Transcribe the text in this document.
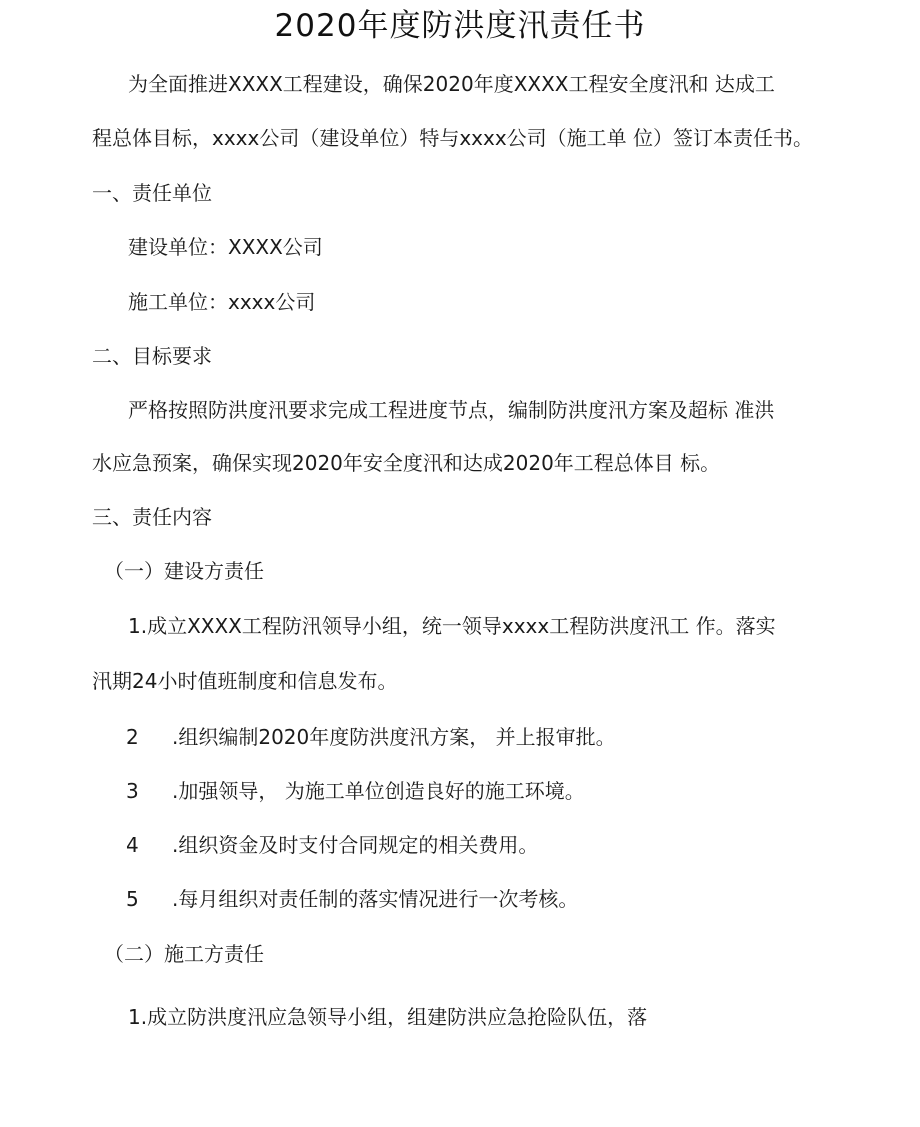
2020年度防洪度汛责任书
为全面推进XXXX工程建设，确保2020年度XXXX工程安全度汛和 达成工
程总体目标，xxxx公司（建设单位）特与xxxx公司（施工单 位）签订本责任书。
一、责任单位
建设单位：XXXX公司
施工单位：xxxx公司
二、目标要求
严格按照防洪度汛要求完成工程进度节点，编制防洪度汛方案及超标 准洪
水应急预案，确保实现2020年安全度汛和达成2020年工程总体目 标。
三、责任内容
（一）建设方责任
1.成立XXXX工程防汛领导小组，统一领导xxxx工程防洪度汛工 作。落实
汛期24小时值班制度和信息发布。
2 .组织编制2020年度防洪度汛方案， 并上报审批。
3 .加强领导， 为施工单位创造良好的施工环境。
4 .组织资金及时支付合同规定的相关费用。
5 .每月组织对责任制的落实情况进行一次考核。
（二）施工方责任
1.成立防洪度汛应急领导小组，组建防洪应急抢险队伍，落
